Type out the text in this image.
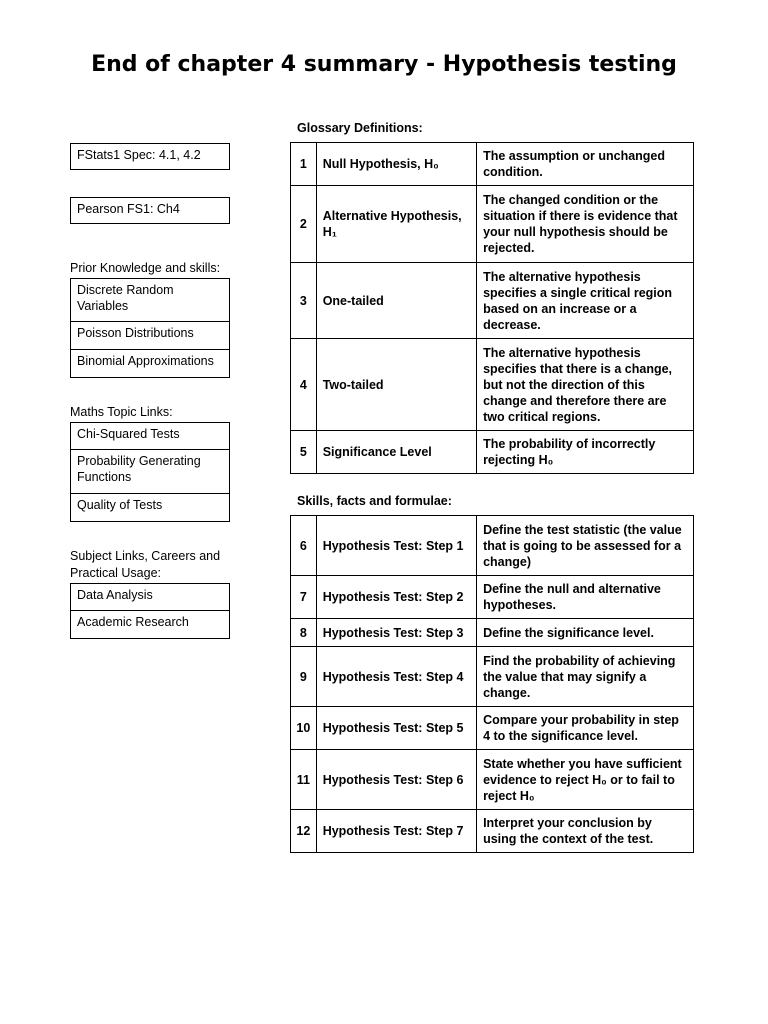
End of chapter 4 summary - Hypothesis testing
FStats1 Spec: 4.1, 4.2
Pearson FS1: Ch4
Prior Knowledge and skills:
Discrete Random Variables
Poisson Distributions
Binomial Approximations
Maths Topic Links:
Chi-Squared Tests
Probability Generating Functions
Quality of Tests
Subject Links, Careers and Practical Usage:
Data Analysis
Academic Research
Glossary Definitions:
1	Null Hypothesis, H₀	The assumption or unchanged condition.
2	Alternative Hypothesis, H₁	The changed condition or the situation if there is evidence that your null hypothesis should be rejected.
3	One-tailed	The alternative hypothesis specifies a single critical region based on an increase or a decrease.
4	Two-tailed	The alternative hypothesis specifies that there is a change, but not the direction of this change and therefore there are two critical regions.
5	Significance Level	The probability of incorrectly rejecting H₀
Skills, facts and formulae:
6	Hypothesis Test: Step 1	Define the test statistic (the value that is going to be assessed for a change)
7	Hypothesis Test: Step 2	Define the null and alternative hypotheses.
8	Hypothesis Test: Step 3	Define the significance level.
9	Hypothesis Test: Step 4	Find the probability of achieving the value that may signify a change.
10	Hypothesis Test: Step 5	Compare your probability in step 4 to the significance level.
11	Hypothesis Test: Step 6	State whether you have sufficient evidence to reject H₀ or to fail to reject H₀
12	Hypothesis Test: Step 7	Interpret your conclusion by using the context of the test.
